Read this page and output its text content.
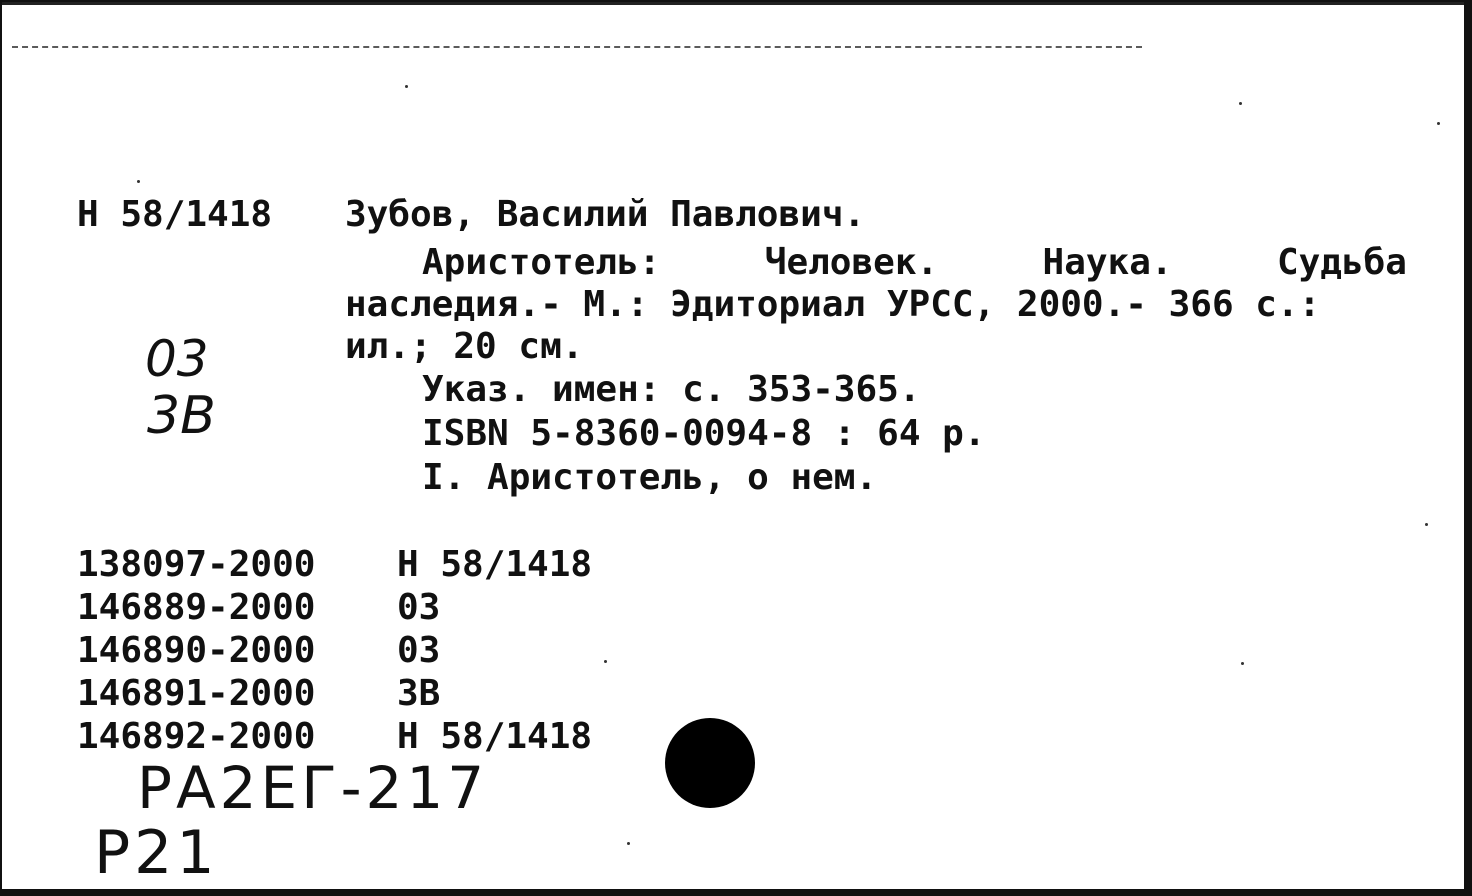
Н 58/1418 Зубов, Василий Павлович.
Аристотель:	Человек.	Наука.	Судьба
наследия.- М.: Эдиториал УРСС, 2000.- 366 с.:
ил.; 20 см.
Указ. имен: с. 353-365.
ISBN 5-8360-0094-8 : 64 р.
I. Аристотель, о нем.
03
3В
138097-2000 Н 58/1418
146889-2000 03
146890-2000 03
146891-2000 3В
146892-2000 Н 58/1418
РА2ЕГ-217
Р21
